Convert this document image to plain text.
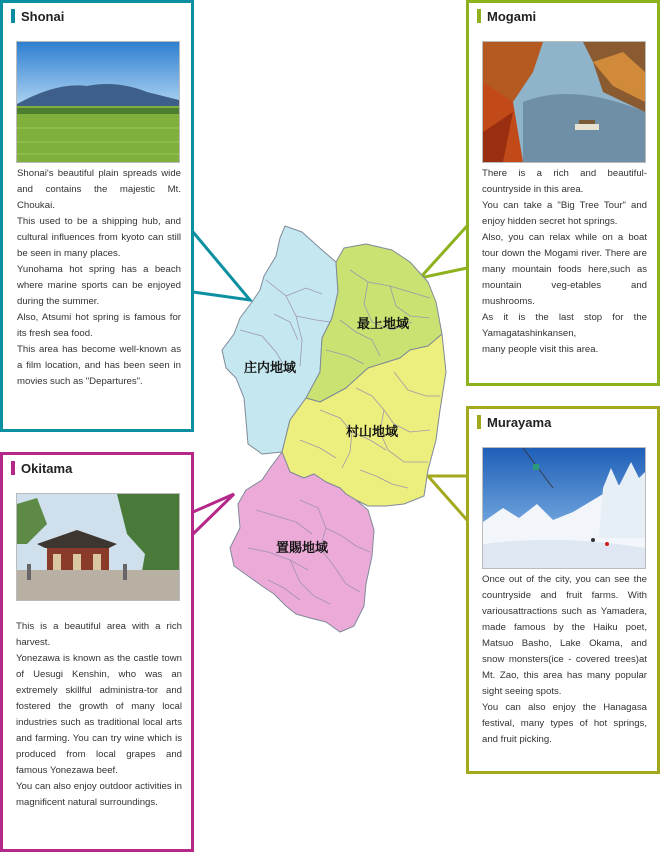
庄内地域
最上地域
村山地域
置賜地域
Shonai

Shonai's beautiful plain spreads wide and contains the majestic Mt. Choukai.

This used to be a shipping hub, and cultural influences from kyoto can still be seen in many places.

Yunohama hot spring has a beach where marine sports can be enjoyed during the summer.

Also, Atsumi hot spring is famous for its fresh sea food.

This area has become well-known as a film location, and has been seen in movies such as "Departures".

Mogami

There is a rich and beautiful-countryside in this area.

You can take a "Big Tree Tour" and enjoy hidden secret hot springs.

Also, you can relax while on a boat tour down the Mogami river. There are many mountain foods here,such as mountain veg-etables and mushrooms.

As it is the last stop for the Yamagatashinkansen,

many people visit this area.

Murayama

Once out of the city, you can see the countryside and fruit farms. With variousattractions such as Yamadera, made famous by the Haiku poet, Matsuo Basho, Lake Okama, and snow monsters(ice - covered trees)at Mt. Zao, this area has many popular sight seeing spots.

You can also enjoy the Hanagasa festival, many types of hot springs, and fruit picking.

Okitama

This is a beautiful area with a rich harvest.

Yonezawa is known as the castle town of Uesugi Kenshin, who was an extremely skillful administra-tor and fostered the growth of many local industries such as traditional local arts and farming. You can try wine which is produced from local grapes and famous Yonezawa beef.

You can also enjoy outdoor activities in magnificent natural surroundings.
